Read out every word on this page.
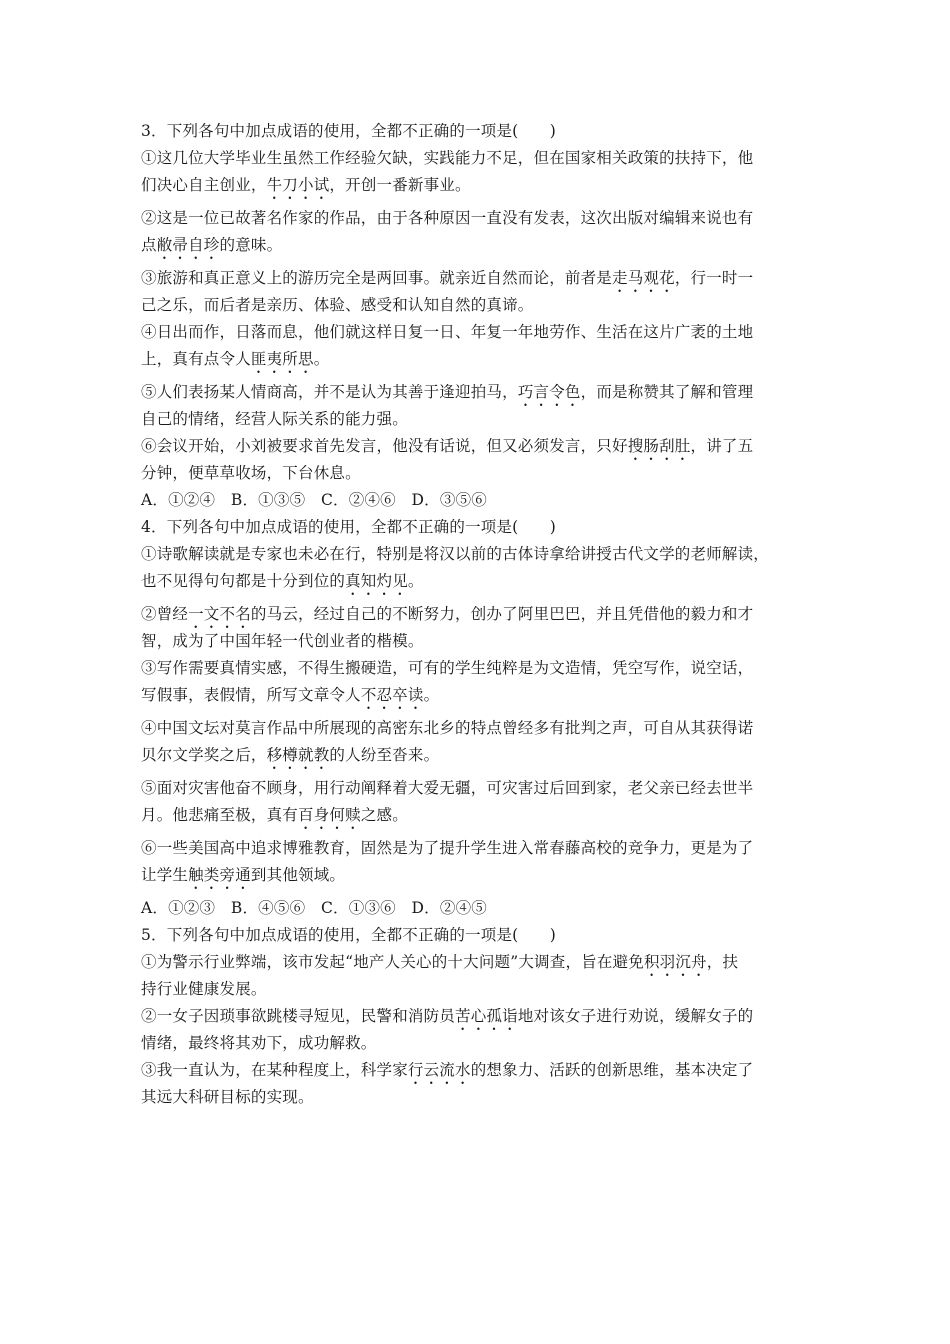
3．下列各句中加点成语的使用，全都不正确的一项是(　　)
①这几位大学毕业生虽然工作经验欠缺，实践能力不足，但在国家相关政策的扶持下，他
们决心自主创业，牛刀小试，开创一番新事业。
②这是一位已故著名作家的作品，由于各种原因一直没有发表，这次出版对编辑来说也有
点敝帚自珍的意味。
③旅游和真正意义上的游历完全是两回事。就亲近自然而论，前者是走马观花，行一时一
己之乐，而后者是亲历、体验、感受和认知自然的真谛。
④日出而作，日落而息，他们就这样日复一日、年复一年地劳作、生活在这片广袤的土地
上，真有点令人匪夷所思。
⑤人们表扬某人情商高，并不是认为其善于逢迎拍马，巧言令色，而是称赞其了解和管理
自己的情绪，经营人际关系的能力强。
⑥会议开始，小刘被要求首先发言，他没有话说，但又必须发言，只好搜肠刮肚，讲了五
分钟，便草草收场，下台休息。
A．①②④　B．①③⑤　C．②④⑥　D．③⑤⑥
4．下列各句中加点成语的使用，全都不正确的一项是(　　)
①诗歌解读就是专家也未必在行，特别是将汉以前的古体诗拿给讲授古代文学的老师解读，
也不见得句句都是十分到位的真知灼见。
②曾经一文不名的马云，经过自己的不断努力，创办了阿里巴巴，并且凭借他的毅力和才
智，成为了中国年轻一代创业者的楷模。
③写作需要真情实感，不得生搬硬造，可有的学生纯粹是为文造情，凭空写作，说空话，
写假事，表假情，所写文章令人不忍卒读。
④中国文坛对莫言作品中所展现的高密东北乡的特点曾经多有批判之声，可自从其获得诺
贝尔文学奖之后，移樽就教的人纷至沓来。
⑤面对灾害他奋不顾身，用行动阐释着大爱无疆，可灾害过后回到家，老父亲已经去世半
月。他悲痛至极，真有百身何赎之感。
⑥一些美国高中追求博雅教育，固然是为了提升学生进入常春藤高校的竞争力，更是为了
让学生触类旁通到其他领域。
A．①②③　B．④⑤⑥　C．①③⑥　D．②④⑤
5．下列各句中加点成语的使用，全都不正确的一项是(　　)
①为警示行业弊端，该市发起“地产人关心的十大问题”大调查，旨在避免积羽沉舟，扶
持行业健康发展。
②一女子因琐事欲跳楼寻短见，民警和消防员苦心孤诣地对该女子进行劝说，缓解女子的
情绪，最终将其劝下，成功解救。
③我一直认为，在某种程度上，科学家行云流水的想象力、活跃的创新思维，基本决定了
其远大科研目标的实现。
